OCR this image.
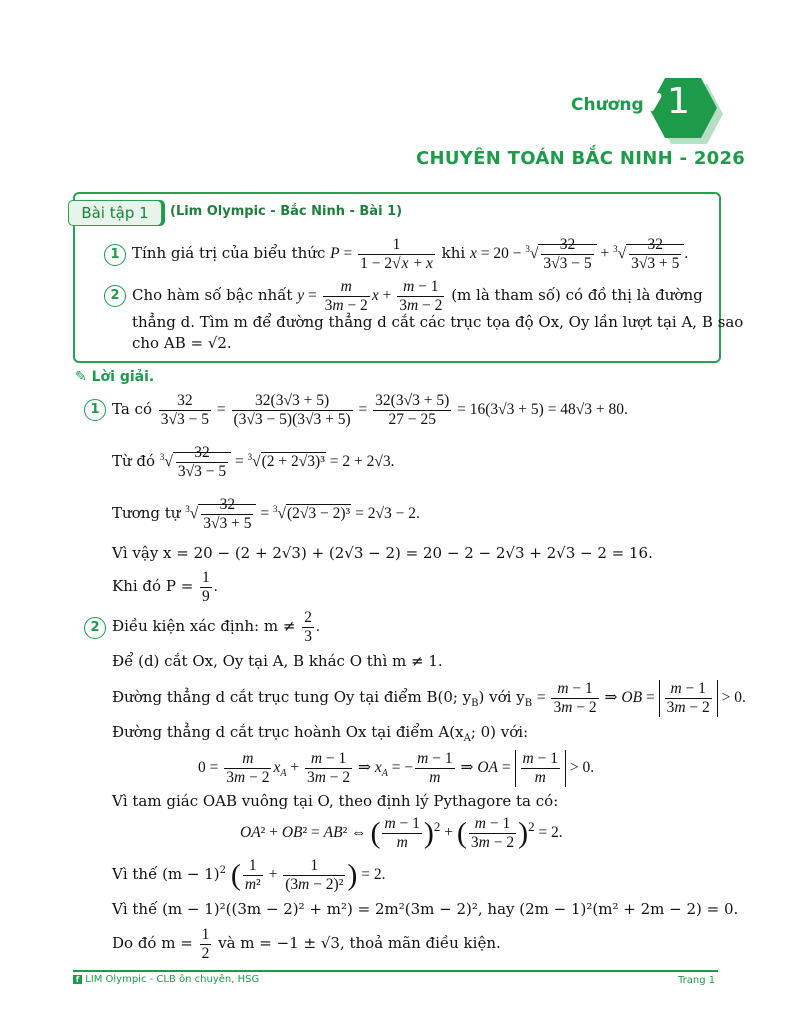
Chương 1
CHUYÊN TOÁN BẮC NINH - 2026
Bài tập 1	(Lim Olympic - Bắc Ninh - Bài 1)
1 Tính giá trị của biểu thức $P = \frac{1}{1 - 2√x + x}$ khi $x = 20 - ^3√ \frac{32}{3√3 - 5} + ^3√ \frac{32}{3√3 + 5}$ .
2 Cho hàm số bậc nhất $y = \frac{m}{3m - 2}$ $x + \frac{m - 1}{3m - 2} (m$ là tham số) có đồ thị là đường
thẳng d. Tìm m để đường thẳng d cắt các trục tọa độ Ox, Oy lần lượt tại A, B sao
cho AB = √2.
✎ Lời giải.
1 Ta có $\frac{32}{3√3 - 5} = \frac{32(3√3 + 5)}{(3√3 - 5)(3√3 + 5)} = \frac{32(3√3 + 5)}{27 - 25} = 16(3√3 + 5) = 48√3 + 80$.
Từ đó $^3√ \frac{32}{3√3 - 5} = ^3√(2 + 2√3)^3 = 2 + 2√3$.
Tương tự $^3√ \frac{32}{3√3 + 5} = ^3√(2√3 - 2)^3 = 2√3 - 2$.
Vì vậy x = 20 − (2 + 2√3) + (2√3 − 2) = 20 − 2 − 2√3 + 2√3 − 2 = 16.
Khi đó $P = \frac{1}{9}$ .
2 Điều kiện xác định: $m \ne \frac{2}{3}$ .
Để (d) cắt Ox, Oy tại A, B khác O thì m ≠ 1.
Đường thẳng d cắt trục tung Oy tại điểm B(0; $y_B$) với $y_B = \frac{m - 1}{3m - 2}$ ⇒ OB = $\frac{m - 1}{3m - 2} > 0$.
Đường thẳng d cắt trục hoành Ox tại điểm $A(x_A$; 0) với:
$0 = \frac{m}{3m - 2} x_A + \frac{m - 1}{3m - 2}$ ⇒ $x_A$ = − $\frac{m - 1}{m}$ ⇒ OA = $\frac{m - 1}{m} > 0$.
Vì tam giác OAB vuông tại O, theo định lý Pythagore ta có:
OA² + OB² = AB² ⇔ ( $\frac{m - 1}{m} )^2$ + ( $\frac{m - 1}{3m - 2} )^2 = 2$.
Vì thế $(m - 1)^2$ ( $\frac{1}{\text{m²}} + \frac{1}{\text{(3m − 2)²}}$ ) = 2.
Vì thế (m − 1)²((3m − 2)² + m²) = 2m²(3m − 2)², hay (2m − 1)²(m² + 2m − 2) = 0.
Do đó $m = \frac{1}{2}$ và m = −1 ± √3, thoả mãn điều kiện.
f LIM Olympic - CLB ôn chuyên, HSG	Trang 1
